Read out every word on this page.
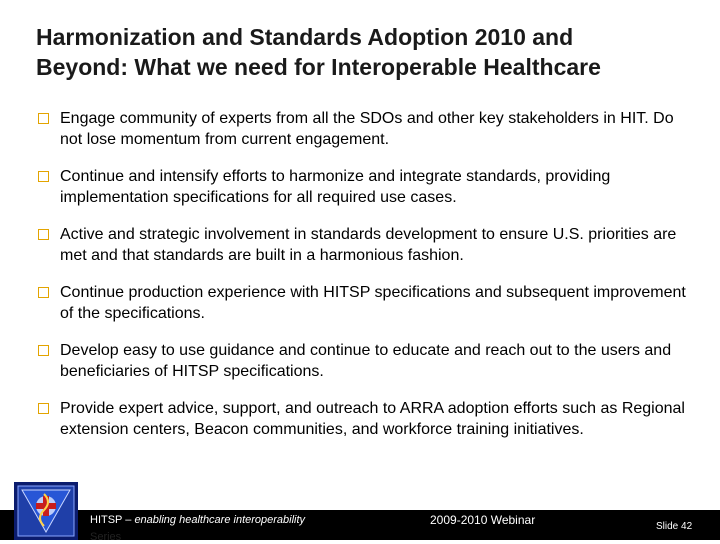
Harmonization and Standards Adoption 2010 and
Beyond: What we need for Interoperable Healthcare
Engage community of experts from all the SDOs and other key stakeholders in HIT. Do not lose momentum from current engagement.
Continue and intensify efforts to harmonize and integrate standards, providing implementation specifications for all required use cases.
Active and strategic involvement in standards development to ensure U.S. priorities are met and that standards are built in a harmonious fashion.
Continue production experience with HITSP specifications and subsequent improvement of the specifications.
Develop easy to use guidance and continue to educate and reach out to the users and beneficiaries of HITSP specifications.
Provide expert advice, support, and outreach to ARRA adoption efforts such as Regional extension centers, Beacon communities, and workforce training initiatives.
HITSP – enabling healthcare interoperability
Series
2009-2010 Webinar	Slide 42
